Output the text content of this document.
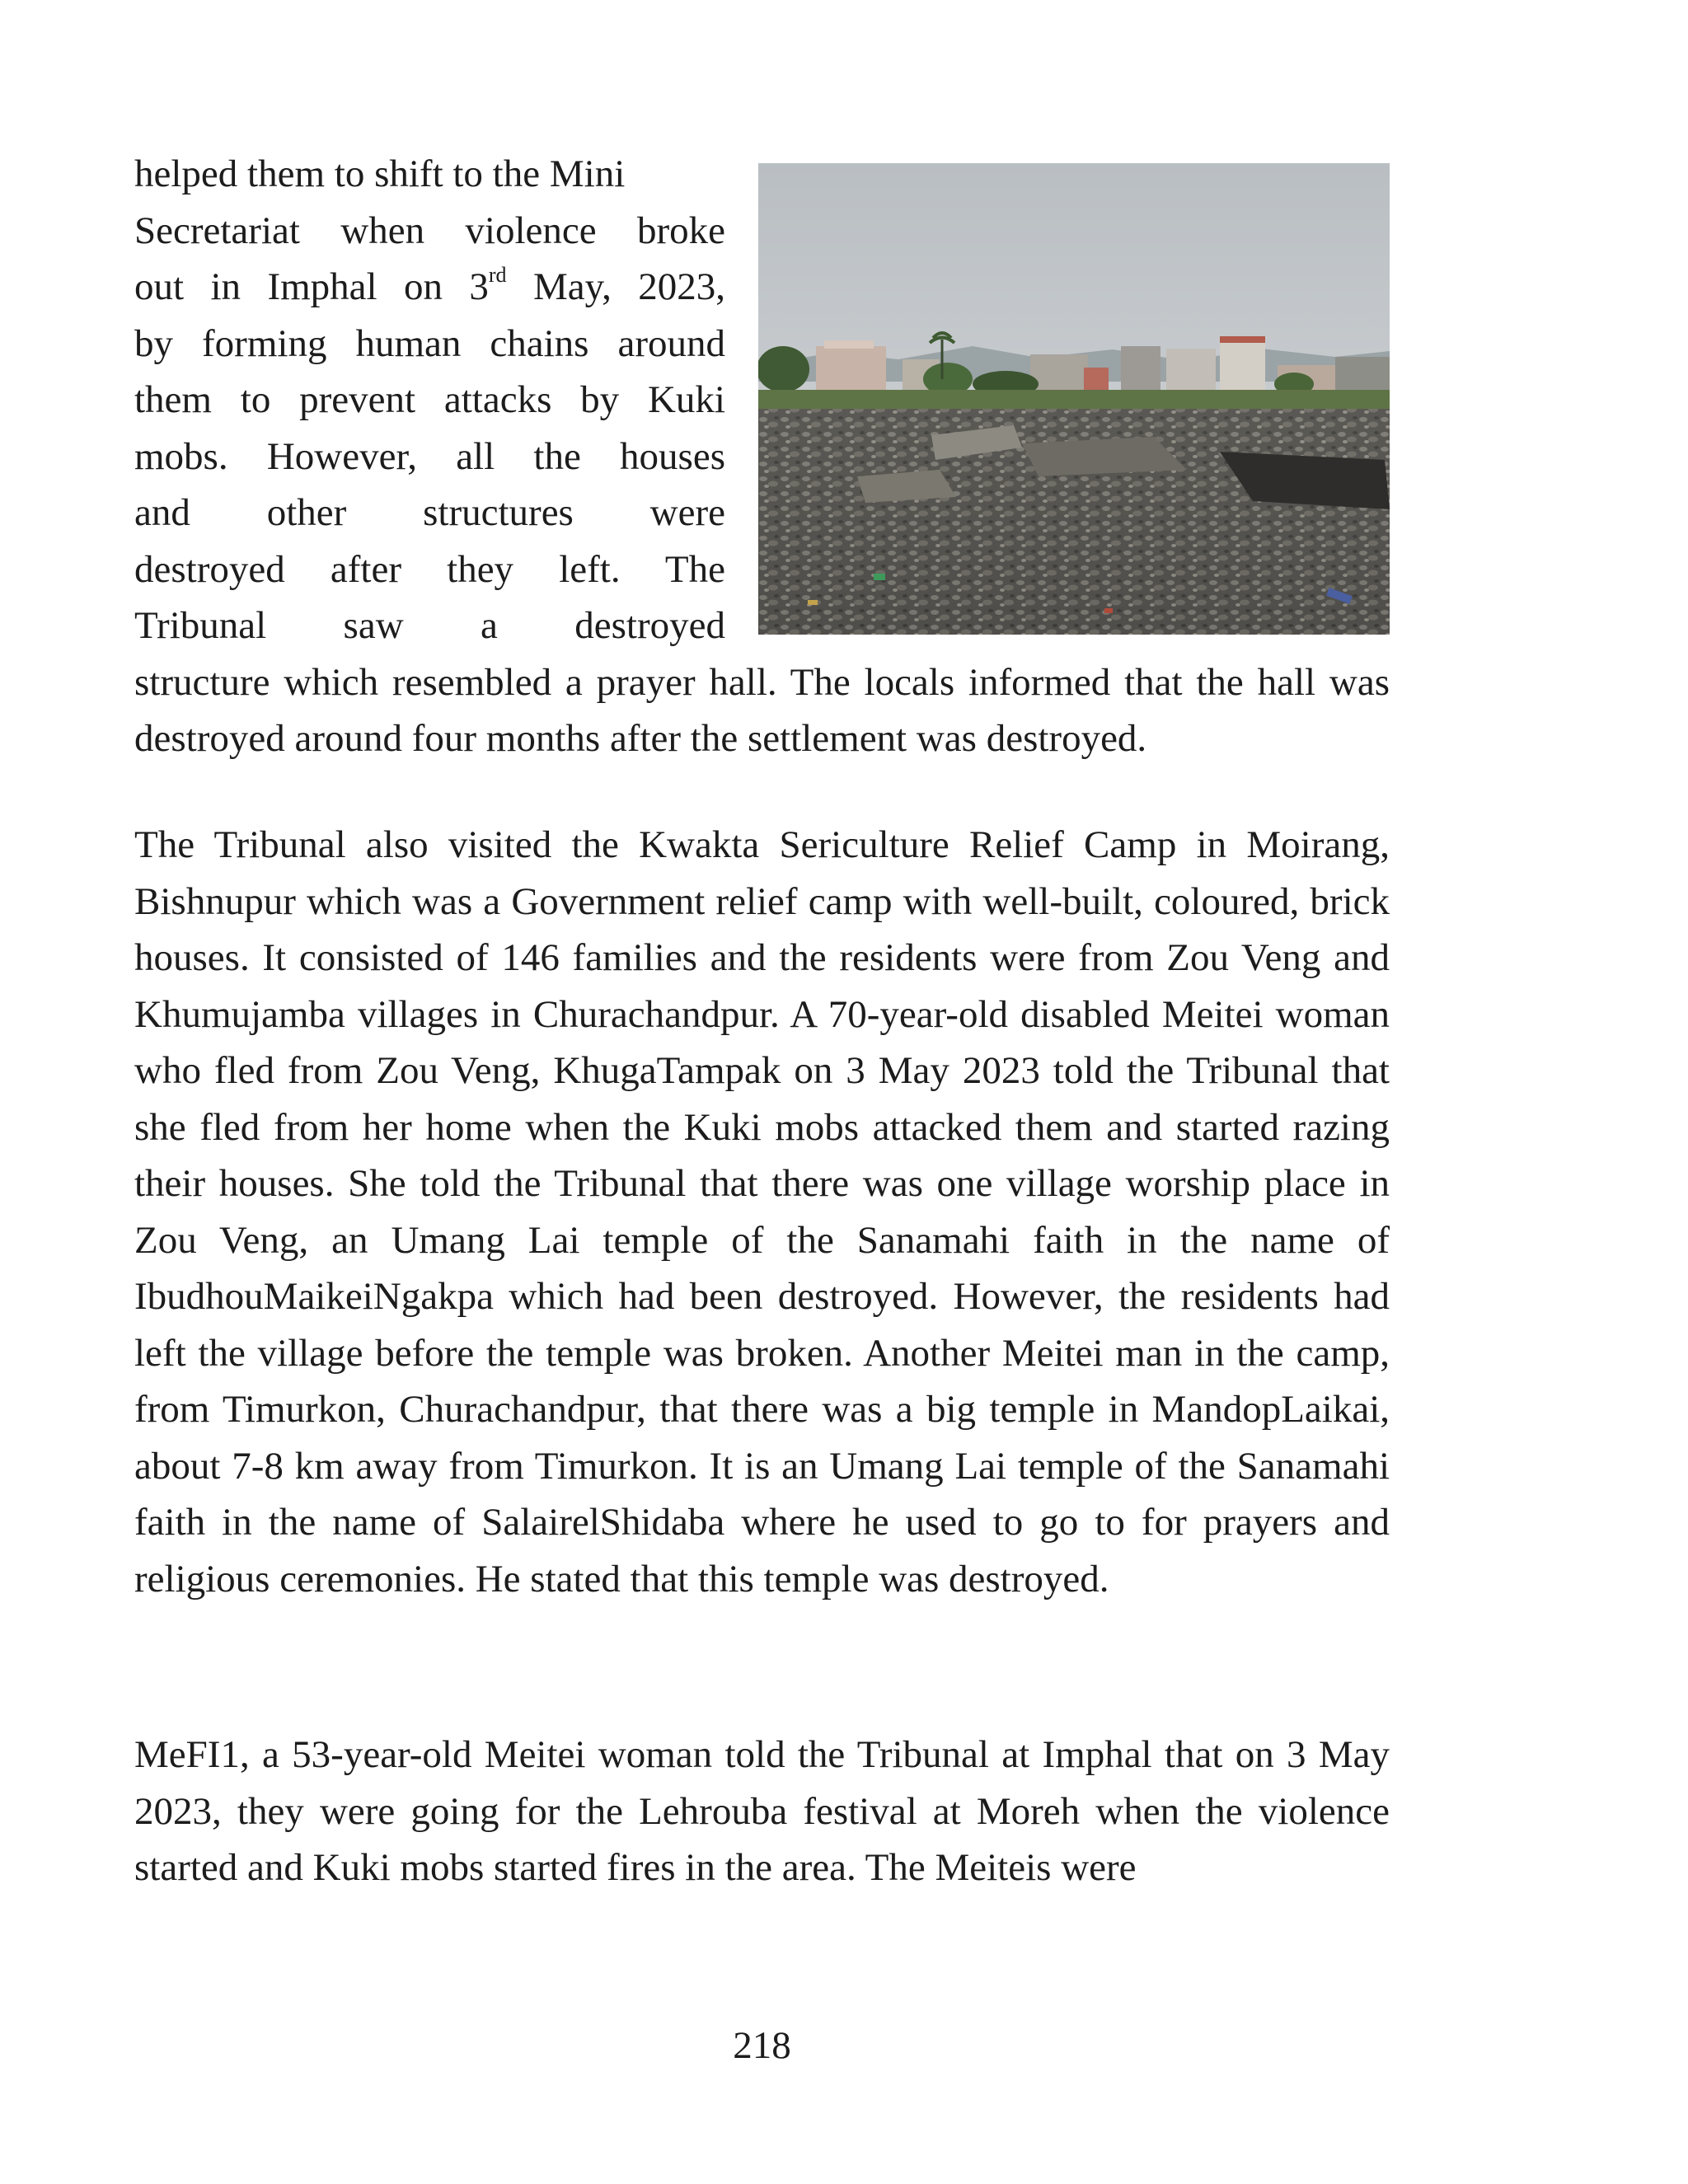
helped them to shift to the Mini
Secretariat when violence broke
out in Imphal on 3rd May, 2023,
by forming human chains around
them to prevent attacks by Kuki
mobs. However, all the houses
and other structures were
destroyed after they left. The
Tribunal saw a destroyed
structure which resembled a prayer hall. The locals informed that the hall was destroyed around four months after the settlement was destroyed.

The Tribunal also visited the Kwakta Sericulture Relief Camp in Moirang, Bishnupur which was a Government relief camp with well-built, coloured, brick houses. It consisted of 146 families and the residents were from Zou Veng and Khumujamba villages in Churachandpur. A 70-year-old disabled Meitei woman who fled from Zou Veng, KhugaTampak on 3 May 2023 told the Tribunal that she fled from her home when the Kuki mobs attacked them and started razing their houses. She told the Tribunal that there was one village worship place in Zou Veng, an Umang Lai temple of the Sanamahi faith in the name of IbudhouMaikeiNgakpa which had been destroyed. However, the residents had left the village before the temple was broken. Another Meitei man in the camp, from Timurkon, Churachandpur, that there was a big temple in MandopLaikai, about 7-8 km away from Timurkon. It is an Umang Lai temple of the Sanamahi faith in the name of SalairelShidaba where he used to go to for prayers and religious ceremonies. He stated that this temple was destroyed.

MeFI1, a 53-year-old Meitei woman told the Tribunal at Imphal that on 3 May 2023, they were going for the Lehrouba festival at Moreh when the violence started and Kuki mobs started fires in the area. The Meiteis were

218
